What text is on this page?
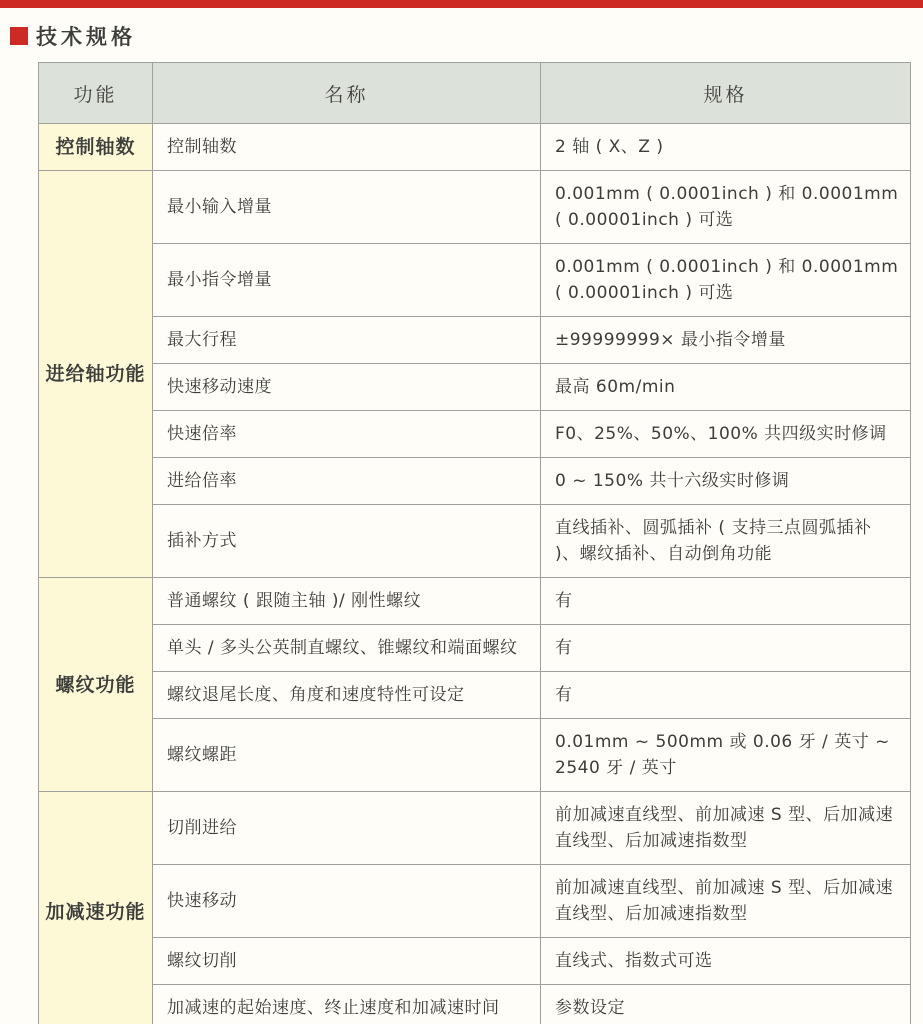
技术规格
功能	名称	规格
控制轴数	控制轴数	2 轴 ( X、Z )
进给轴功能	最小输入增量	0.001mm ( 0.0001inch ) 和 0.0001mm ( 0.00001inch ) 可选
	最小指令增量	0.001mm ( 0.0001inch ) 和 0.0001mm ( 0.00001inch ) 可选
	最大行程	±99999999× 最小指令增量
	快速移动速度	最高 60m/min
	快速倍率	F0、25%、50%、100% 共四级实时修调
	进给倍率	0 ~ 150% 共十六级实时修调
	插补方式	直线插补、圆弧插补 ( 支持三点圆弧插补 )、螺纹插补、自动倒角功能
螺纹功能	普通螺纹 ( 跟随主轴 )/ 刚性螺纹	有
	单头 / 多头公英制直螺纹、锥螺纹和端面螺纹	有
	螺纹退尾长度、角度和速度特性可设定	有
	螺纹螺距	0.01mm ~ 500mm 或 0.06 牙 / 英寸 ~ 2540 牙 / 英寸
加减速功能	切削进给	前加减速直线型、前加减速 S 型、后加减速直线型、后加减速指数型
	快速移动	前加减速直线型、前加减速 S 型、后加减速直线型、后加减速指数型
	螺纹切削	直线式、指数式可选
	加减速的起始速度、终止速度和加减速时间	参数设定
